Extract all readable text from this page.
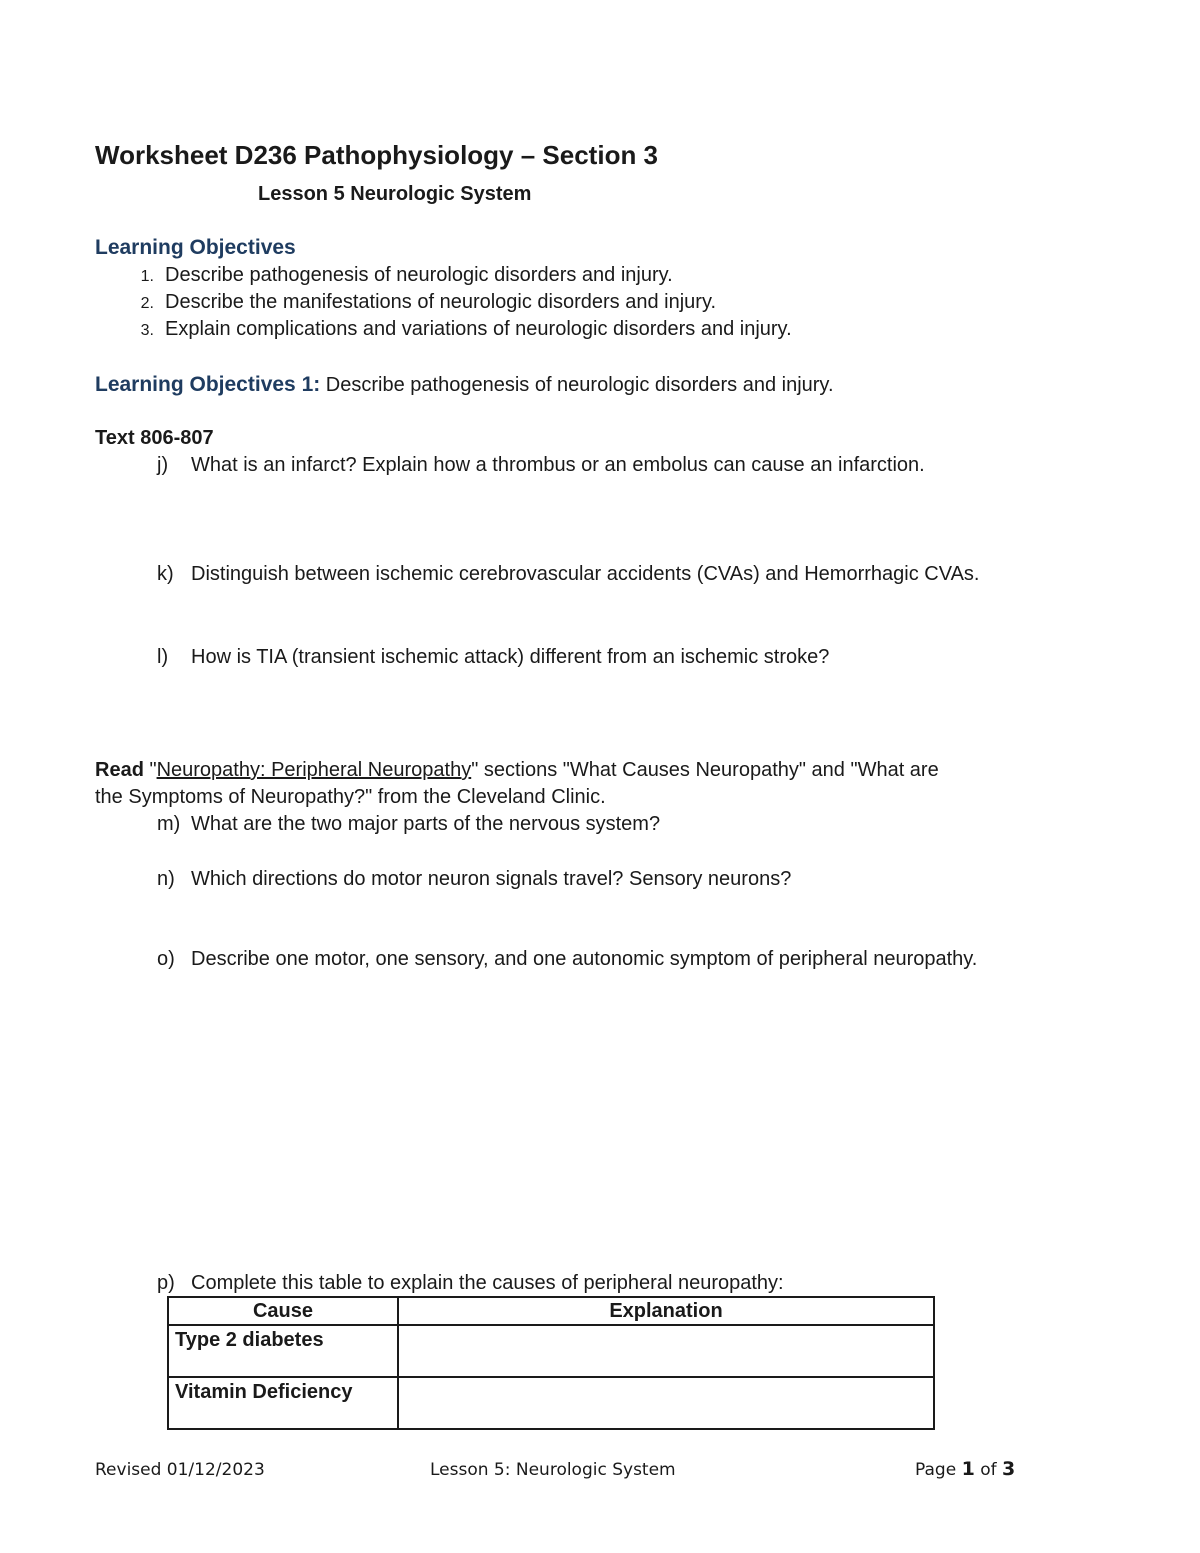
Worksheet D236 Pathophysiology – Section 3
Lesson 5 Neurologic System
Learning Objectives
1. Describe pathogenesis of neurologic disorders and injury.
2. Describe the manifestations of neurologic disorders and injury.
3. Explain complications and variations of neurologic disorders and injury.
Learning Objectives 1: Describe pathogenesis of neurologic disorders and injury.
Text 806-807
j) What is an infarct? Explain how a thrombus or an embolus can cause an infarction.
k) Distinguish between ischemic cerebrovascular accidents (CVAs) and Hemorrhagic CVAs.
l) How is TIA (transient ischemic attack) different from an ischemic stroke?
Read "Neuropathy: Peripheral Neuropathy" sections "What Causes Neuropathy" and "What are
the Symptoms of Neuropathy?" from the Cleveland Clinic.
m) What are the two major parts of the nervous system?
n) Which directions do motor neuron signals travel? Sensory neurons?
o) Describe one motor, one sensory, and one autonomic symptom of peripheral neuropathy.
p) Complete this table to explain the causes of peripheral neuropathy:
Cause	Explanation
Type 2 diabetes	
Vitamin Deficiency	
Revised 01/12/2023	Lesson 5: Neurologic System	Page 1 of 3
